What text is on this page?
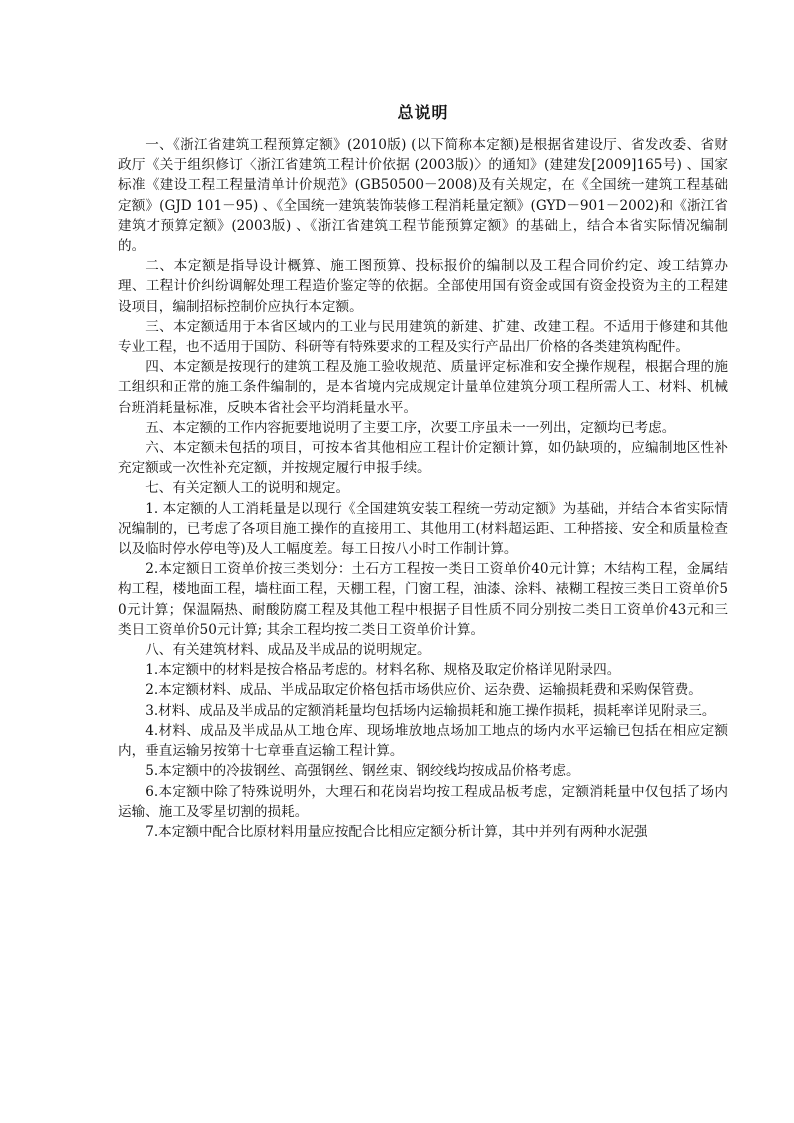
总说明

一、《浙江省建筑工程预算定额》(2010版) (以下简称本定额)是根据省建设厅、省发改委、省财政厅《关于组织修订〈浙江省建筑工程计价依据 (2003版)〉的通知》(建建发[2009]165号) 、国家标准《建设工程工程量清单计价规范》(GB50500－2008)及有关规定，在《全国统一建筑工程基础定额》(GJD 101－95) 、《全国统一建筑装饰装修工程消耗量定额》(GYD－901－2002)和《浙江省建筑才预算定额》(2003版) 、《浙江省建筑工程节能预算定额》的基础上，结合本省实际情况编制的。

二、本定额是指导设计概算、施工图预算、投标报价的编制以及工程合同价约定、竣工结算办理、工程计价纠纷调解处理工程造价鉴定等的依据。全部使用国有资金或国有资金投资为主的工程建设项目，编制招标控制价应执行本定额。

三、本定额适用于本省区域内的工业与民用建筑的新建、扩建、改建工程。不适用于修建和其他专业工程，也不适用于国防、科研等有特殊要求的工程及实行产品出厂价格的各类建筑构配件。

四、本定额是按现行的建筑工程及施工验收规范、质量评定标准和安全操作规程，根据合理的施工组织和正常的施工条件编制的，是本省境内完成规定计量单位建筑分项工程所需人工、材料、机械台班消耗量标准，反映本省社会平均消耗量水平。

五、本定额的工作内容扼要地说明了主要工序，次要工序虽未一一列出，定额均已考虑。

六、本定额未包括的项目，可按本省其他相应工程计价定额计算，如仍缺项的，应编制地区性补充定额或一次性补充定额，并按规定履行申报手续。

七、有关定额人工的说明和规定。

1. 本定额的人工消耗量是以现行《全国建筑安装工程统一劳动定额》为基础，并结合本省实际情况编制的，已考虑了各项目施工操作的直接用工、其他用工(材料超运距、工种搭接、安全和质量检查以及临时停水停电等)及人工幅度差。每工日按八小时工作制计算。

2.本定额日工资单价按三类划分：土石方工程按一类日工资单价40元计算；木结构工程，金属结构工程，楼地面工程，墙柱面工程，天棚工程，门窗工程，油漆、涂料、裱糊工程按三类日工资单价50元计算；保温隔热、耐酸防腐工程及其他工程中根据子目性质不同分别按二类日工资单价43元和三类日工资单价50元计算; 其余工程均按二类日工资单价计算。

八、有关建筑材料、成品及半成品的说明规定。

1.本定额中的材料是按合格品考虑的。材料名称、规格及取定价格详见附录四。

2.本定额材料、成品、半成品取定价格包括市场供应价、运杂费、运输损耗费和采购保管费。

3.材料、成品及半成品的定额消耗量均包括场内运输损耗和施工操作损耗，损耗率详见附录三。

4.材料、成品及半成品从工地仓库、现场堆放地点场加工地点的场内水平运输已包括在相应定额内，垂直运输另按第十七章垂直运输工程计算。

5.本定额中的冷拔钢丝、高强钢丝、钢丝束、钢绞线均按成品价格考虑。

6.本定额中除了特殊说明外，大理石和花岗岩均按工程成品板考虑，定额消耗量中仅包括了场内运输、施工及零星切割的损耗。

7.本定额中配合比原材料用量应按配合比相应定额分析计算，其中并列有两种水泥强
